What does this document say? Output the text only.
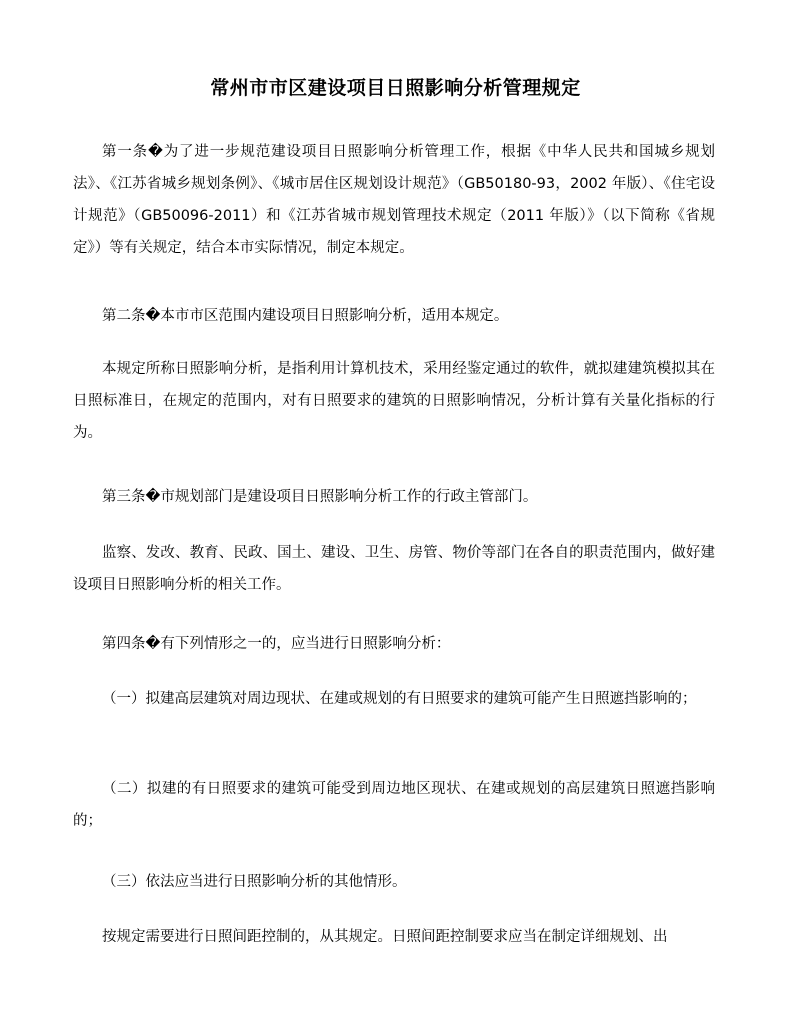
常州市市区建设项目日照影响分析管理规定

第一条�为了进一步规范建设项目日照影响分析管理工作，根据《中华人民共和国城乡规划法》、《江苏省城乡规划条例》、《城市居住区规划设计规范》（GB50180-93，2002 年版）、《住宅设计规范》（GB50096-2011）和《江苏省城市规划管理技术规定（2011 年版）》（以下简称《省规定》）等有关规定，结合本市实际情况，制定本规定。

第二条�本市市区范围内建设项目日照影响分析，适用本规定。

本规定所称日照影响分析，是指利用计算机技术，采用经鉴定通过的软件，就拟建建筑模拟其在日照标准日，在规定的范围内，对有日照要求的建筑的日照影响情况，分析计算有关量化指标的行为。

第三条�市规划部门是建设项目日照影响分析工作的行政主管部门。

监察、发改、教育、民政、国土、建设、卫生、房管、物价等部门在各自的职责范围内，做好建设项目日照影响分析的相关工作。

第四条�有下列情形之一的，应当进行日照影响分析：

（一）拟建高层建筑对周边现状、在建或规划的有日照要求的建筑可能产生日照遮挡影响的；

（二）拟建的有日照要求的建筑可能受到周边地区现状、在建或规划的高层建筑日照遮挡影响的；

（三）依法应当进行日照影响分析的其他情形。

按规定需要进行日照间距控制的，从其规定。日照间距控制要求应当在制定详细规划、出
